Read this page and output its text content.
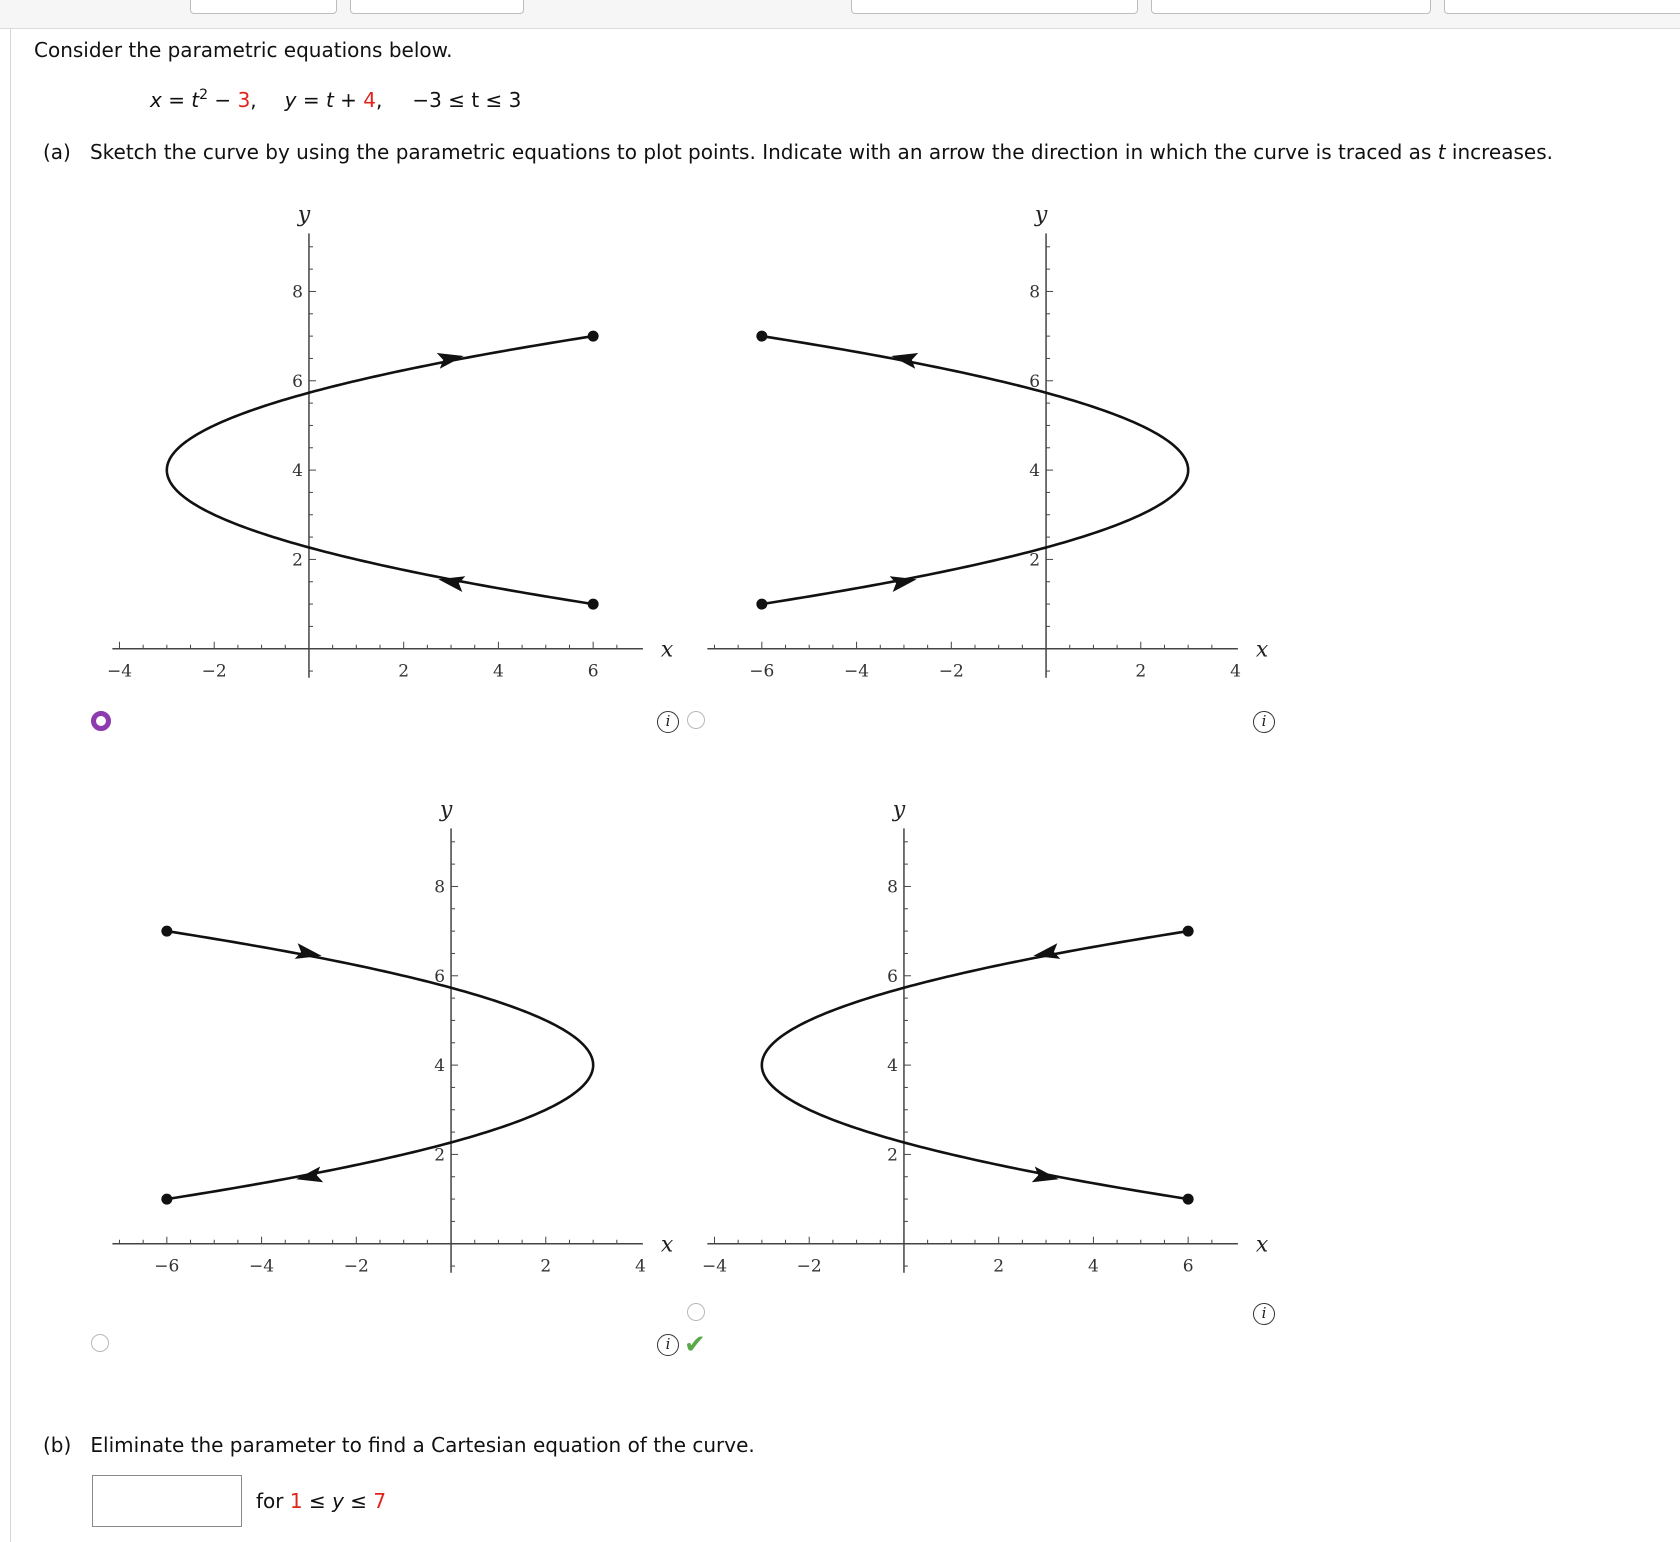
Consider the parametric equations below.
$x = t^2 - 3$, y = t + 4, −3 ≤ t ≤ 3
(a) Sketch the curve by using the parametric equations to plot points. Indicate with an arrow the direction in which the curve is traced as t increases.
−4	−2	2	4	6
2
4
6
8
x
y
−6	−4	−2	2	4
2
4
6
8
x
y
−6	−4	−2	2	4
2
4
6
8
x
y
−4	−2	2	4	6
2
4
6
8
x
y
i	i
i
i
✔
(b) Eliminate the parameter to find a Cartesian equation of the curve.
for 1 ≤ y ≤ 7
